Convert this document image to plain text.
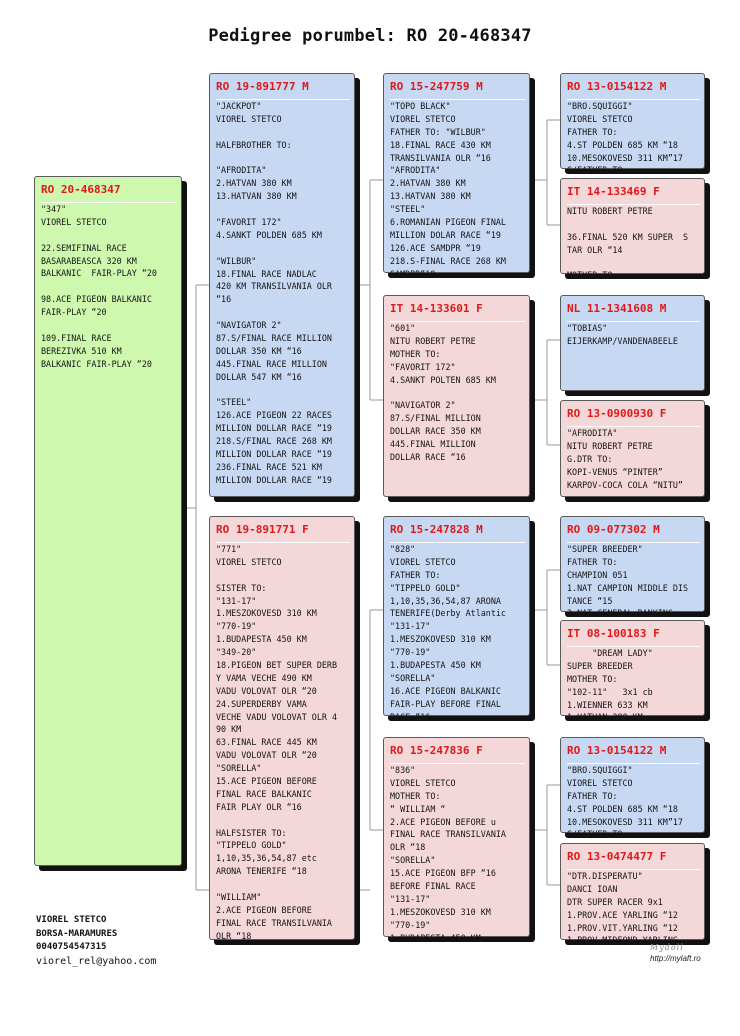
Pedigree porumbel: RO 20-468347
RO 20-468347
"347"
VIOREL STETCO
22.SEMIFINAL RACE
BASARABEASCA 320 KM
BALKANIC  FAIR-PLAY “20
98.ACE PIGEON BALKANIC
FAIR-PLAY “20
109.FINAL RACE
BEREZIVKA 510 KM
BALKANIC FAIR-PLAY “20
RO 19-891777 M
"JACKPOT"
VIOREL STETCO
HALFBROTHER TO:
"AFRODITA"
2.HATVAN 380 KM
13.HATVAN 380 KM
"FAVORIT 172"
4.SANKT POLDEN 685 KM
"WILBUR"
18.FINAL RACE NADLAC
420 KM TRANSILVANIA OLR
“16
"NAVIGATOR 2"
87.S/FINAL RACE MILLION
DOLLAR 350 KM “16
445.FINAL RACE MILLION
DOLLAR 547 KM “16
"STEEL"
126.ACE PIGEON 22 RACES
MILLION DOLLAR RACE “19
218.S/FINAL RACE 268 KM
MILLION DOLLAR RACE “19
236.FINAL RACE 521 KM
MILLION DOLLAR RACE “19
RO 19-891771 F
"771"
VIOREL STETCO
SISTER TO:
"131-17"
1.MESZOKOVESD 310 KM
"770-19"
1.BUDAPESTA 450 KM
"349-20"
18.PIGEON BET SUPER DERB
Y VAMA VECHE 490 KM
VADU VOLOVAT OLR “20
24.SUPERDERBY VAMA
VECHE VADU VOLOVAT OLR 4
90 KM
63.FINAL RACE 445 KM
VADU VOLOVAT OLR “20
"SORELLA"
15.ACE PIGEON BEFORE
FINAL RACE BALKANIC
FAIR PLAY OLR “16
HALFSISTER TO:
"TIPPELO GOLD"
1,10,35,36,54,87 etc
ARONA TENERIFE “18
"WILLIAM"
2.ACE PIGEON BEFORE
FINAL RACE TRANSILVANIA
OLR “18
RO 15-247759 M
"TOPO BLACK"
VIOREL STETCO
FATHER TO: "WILBUR"
18.FINAL RACE 430 KM
TRANSILVANIA OLR “16
"AFRODITA"
2.HATVAN 380 KM
13.HATVAN 380 KM
"STEEL"
6.ROMANIAN PIGEON FINAL
MILLION DOLAR RACE “19
126.ACE SAMDPR “19
218.S-FINAL RACE 268 KM
SAMDPR“19
IT 14-133601 F
"601"
NITU ROBERT PETRE
MOTHER TO:
"FAVORIT 172"
4.SANKT POLTEN 685 KM
"NAVIGATOR 2"
87.S/FINAL MILLION
DOLLAR RACE 350 KM
445.FINAL MILLION
DOLLAR RACE “16
RO 15-247828 M
"828"
VIOREL STETCO
FATHER TO:
"TIPPELO GOLD"
1,10,35,36,54,87 ARONA
TENERIFE(Derby Atlantic
"131-17"
1.MESZOKOVESD 310 KM
"770-19"
1.BUDAPESTA 450 KM
"SORELLA"
16.ACE PIGEON BALKANIC
FAIR-PLAY BEFORE FINAL
RACE “16
RO 15-247836 F
"836"
VIOREL STETCO
MOTHER TO:
“ WILLIAM “
2.ACE PIGEON BEFORE u
FINAL RACE TRANSILVANIA
OLR “18
"SORELLA"
15.ACE PIGEON BFP “16
BEFORE FINAL RACE
"131-17"
1.MESZOKOVESD 310 KM
"770-19"
1.BUDAPESTA 450 KM
RO 13-0154122 M
"BRO.SQUIGGI"
VIOREL STETCO
FATHER TO:
4.ST POLDEN 685 KM “18
10.MESOKOVESD 311 KM”17
G/FATHER TO
IT 14-133469 F
NITU ROBERT PETRE
36.FINAL 520 KM SUPER  S
TAR OLR “14
MOTHER TO
NL 11-1341608 M
"TOBIAS"
EIJERKAMP/VANDENABEELE
RO 13-0900930 F
"AFRODITA"
NITU ROBERT PETRE
G.DTR TO:
KOPI-VENUS “PINTER”
KARPOV-COCA COLA “NITU”
RO 09-077302 M
"SUPER BREEDER"
FATHER TO:
CHAMPION 051
1.NAT CAMPION MIDDLE DIS
TANCE “15
2.NAT GENERAL RANKING
IT 08-100183 F
"DREAM LADY"
SUPER BREEDER
MOTHER TO:
"102-11"   3x1 cb
1.WIENNER 633 KM
1.HATVAN 380 KM
RO 13-0154122 M
"BRO.SQUIGGI"
VIOREL STETCO
FATHER TO:
4.ST POLDEN 685 KM “18
10.MESOKOVESD 311 KM”17
G/FATHER TO
RO 13-0474477 F
"DTR.DISPERATU"
DANCI IOAN
DTR SUPER RACER 9x1
1.PROV.ACE YARLING “12
1.PROV.VIT.YARLING “12
1.PROV.MIDFOND YARLING
VIOREL STETCO
BORSA-MARAMURES
0040754547315
viorel_rel@yahoo.com
Mydoll
http://mylaft.ro
